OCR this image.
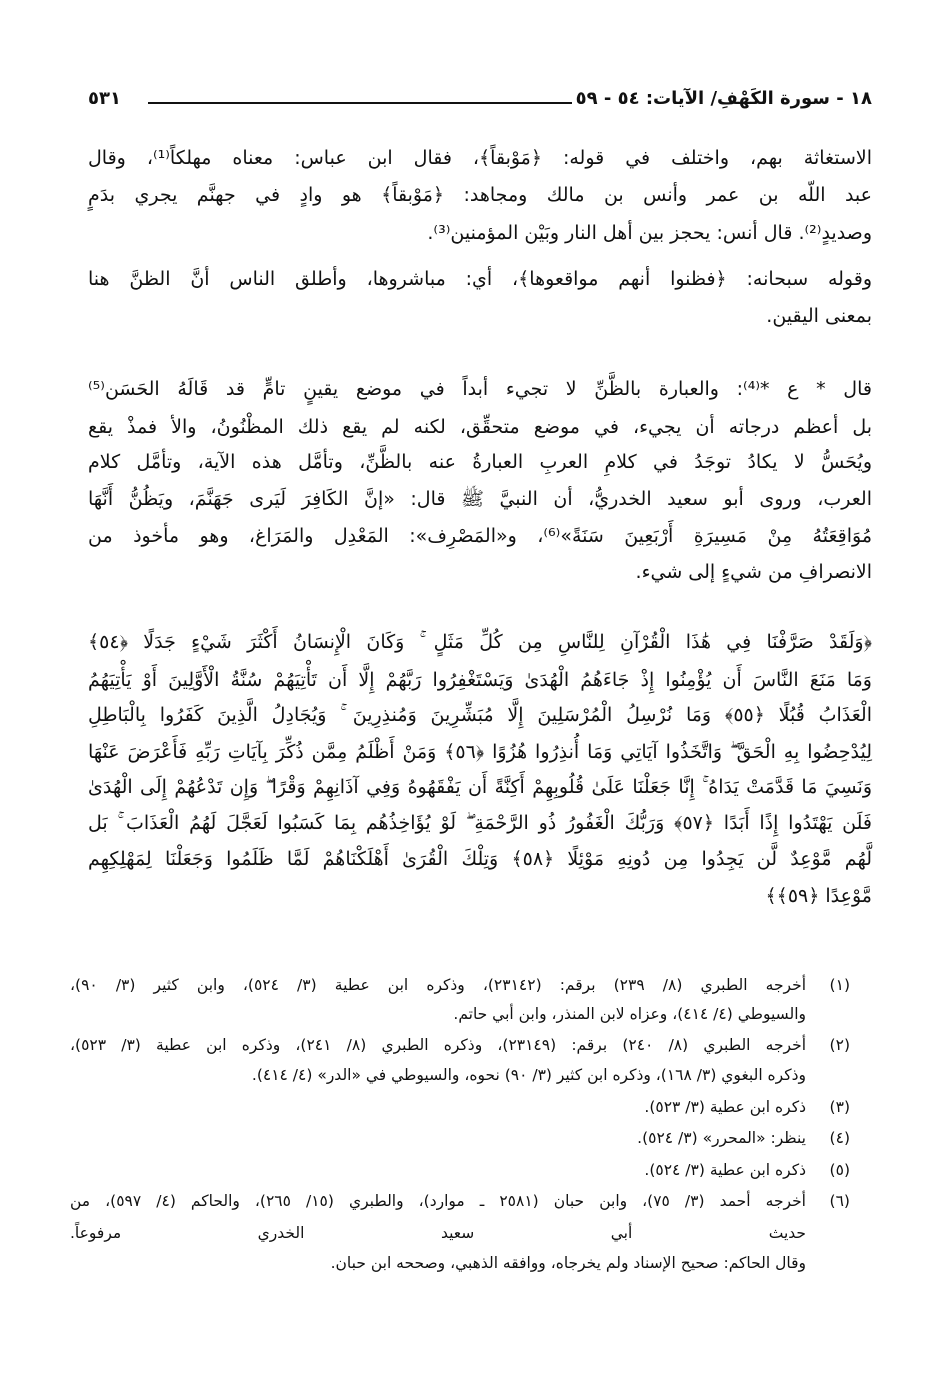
١٨ - سورة الكَهْفِ/ الآيات: ٥٤ - ٥٩
٥٣١
الاستغاثة بهم، واختلف في قوله: ﴿مَوْبقاً﴾، فقال ابن عباس: معناه مهلكاً⁽¹⁾، وقال
عبد اللّه بن عمر وأنس بن مالك ومجاهد: ﴿مَوْبقاً﴾ هو وادٍ في جهنَّم يجري بدَمٍ
وصديدٍ⁽²⁾. قال أنس: يحجز بين أهل النار وبَيْن المؤمنين⁽³⁾.
وقوله سبحانه: ﴿فظنوا أنهم مواقعوها﴾، أي: مباشروها، وأطلق الناس أنَّ الظنَّ هنا
بمعنى اليقين.
قال * ع *⁽⁴⁾: والعبارة بالظَّنِّ لا تجيء أبداً في موضع يقينٍ تامٍّ قد قَالَهُ الحَسَن⁽⁵⁾
بل أعظم درجاته أن يجيء، في موضع متحقِّق، لكنه لم يقع ذلك المظْنُونُ، والأ فمذْ يقع
ويُحَسُّ لا يكادُ توجَدُ في كلامِ العربِ العبارةُ عنه بالظَّنِّ، وتأمَّل هذه الآية، وتأمَّل كلام
العرب، وروى أبو سعيد الخدريُّ، أن النبيَّ ﷺ قال: «إنَّ الكَافِرَ لَيَرى جَهَنَّمَ، ويَظُنُّ أَنَّهَا
مُوَاقِعَتُهُ مِنْ مَسِيرَةِ أَرْبَعِينَ سَنَةً»⁽⁶⁾، و«المَصْرِف»: المَعْدِل والمَرَاغ، وهو مأخوذ من
الانصرافِ من شيءٍ إلى شيء.
﴿وَلَقَدْ صَرَّفْنَا فِي هَٰذَا الْقُرْآنِ لِلنَّاسِ مِن كُلِّ مَثَلٍ ۚ وَكَانَ الْإِنسَانُ أَكْثَرَ شَيْءٍ جَدَلًا ﴿٥٤﴾
وَمَا مَنَعَ النَّاسَ أَن يُؤْمِنُوا إِذْ جَاءَهُمُ الْهُدَىٰ وَيَسْتَغْفِرُوا رَبَّهُمْ إِلَّا أَن تَأْتِيَهُمْ سُنَّةُ الْأَوَّلِينَ أَوْ يَأْتِيَهُمُ
الْعَذَابُ قُبُلًا ﴿٥٥﴾ وَمَا نُرْسِلُ الْمُرْسَلِينَ إِلَّا مُبَشِّرِينَ وَمُنذِرِينَ ۚ وَيُجَادِلُ الَّذِينَ كَفَرُوا بِالْبَاطِلِ
لِيُدْحِضُوا بِهِ الْحَقَّ ۖ وَاتَّخَذُوا آيَاتِي وَمَا أُنذِرُوا هُزُوًا ﴿٥٦﴾ وَمَنْ أَظْلَمُ مِمَّن ذُكِّرَ بِآيَاتِ رَبِّهِ فَأَعْرَضَ عَنْهَا
وَنَسِيَ مَا قَدَّمَتْ يَدَاهُ ۚ إِنَّا جَعَلْنَا عَلَىٰ قُلُوبِهِمْ أَكِنَّةً أَن يَفْقَهُوهُ وَفِي آذَانِهِمْ وَقْرًا ۖ وَإِن تَدْعُهُمْ إِلَى الْهُدَىٰ
فَلَن يَهْتَدُوا إِذًا أَبَدًا ﴿٥٧﴾ وَرَبُّكَ الْغَفُورُ ذُو الرَّحْمَةِ ۖ لَوْ يُؤَاخِذُهُم بِمَا كَسَبُوا لَعَجَّلَ لَهُمُ الْعَذَابَ ۚ بَل
لَّهُم مَّوْعِدٌ لَّن يَجِدُوا مِن دُونِهِ مَوْئِلًا ﴿٥٨﴾ وَتِلْكَ الْقُرَىٰ أَهْلَكْنَاهُمْ لَمَّا ظَلَمُوا وَجَعَلْنَا لِمَهْلِكِهِم
مَّوْعِدًا ﴿٥٩﴾﴾
(١)أخرجه الطبري (٨/ ٢٣٩) برقم: (٢٣١٤٢)، وذكره ابن عطية (٣/ ٥٢٤)، وابن كثير (٣/ ٩٠)،
والسيوطي (٤/ ٤١٤)، وعزاه لابن المنذر، وابن أبي حاتم.
(٢)أخرجه الطبري (٨/ ٢٤٠) برقم: (٢٣١٤٩)، وذكره الطبري (٨/ ٢٤١)، وذكره ابن عطية (٣/ ٥٢٣)،
وذكره البغوي (٣/ ١٦٨)، وذكره ابن كثير (٣/ ٩٠) نحوه، والسيوطي في «الدر» (٤/ ٤١٤).
(٣)ذكره ابن عطية (٣/ ٥٢٣).
(٤)ينظر: «المحرر» (٣/ ٥٢٤).
(٥)ذكره ابن عطية (٣/ ٥٢٤).
(٦)أخرجه أحمد (٣/ ٧٥)، وابن حبان (٢٥٨١ ـ موارد)، والطبري (١٥/ ٢٦٥)، والحاكم (٤/ ٥٩٧)، من
حديث أبي سعيد الخدري مرفوعاً.
وقال الحاكم: صحيح الإسناد ولم يخرجاه، ووافقه الذهبي، وصححه ابن حبان.
